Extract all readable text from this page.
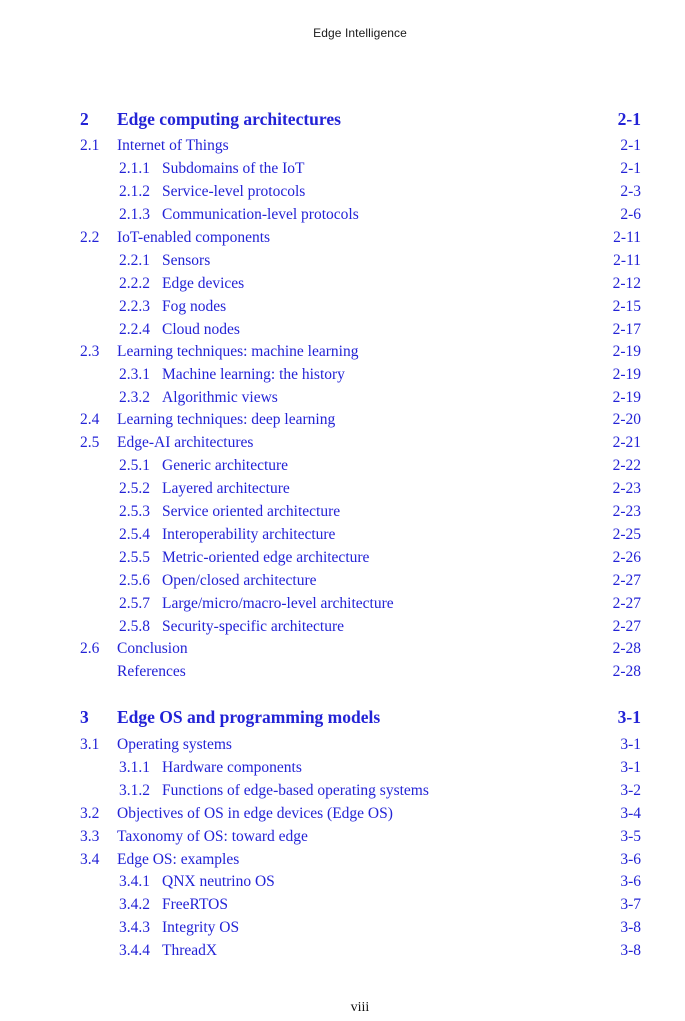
Edge Intelligence
2 Edge computing architectures	2-1
2.1 Internet of Things	2-1
2.1.1 Subdomains of the IoT	2-1
2.1.2 Service-level protocols	2-3
2.1.3 Communication-level protocols	2-6
2.2 IoT-enabled components	2-11
2.2.1 Sensors	2-11
2.2.2 Edge devices	2-12
2.2.3 Fog nodes	2-15
2.2.4 Cloud nodes	2-17
2.3 Learning techniques: machine learning	2-19
2.3.1 Machine learning: the history	2-19
2.3.2 Algorithmic views	2-19
2.4 Learning techniques: deep learning	2-20
2.5 Edge-AI architectures	2-21
2.5.1 Generic architecture	2-22
2.5.2 Layered architecture	2-23
2.5.3 Service oriented architecture	2-23
2.5.4 Interoperability architecture	2-25
2.5.5 Metric-oriented edge architecture	2-26
2.5.6 Open/closed architecture	2-27
2.5.7 Large/micro/macro-level architecture	2-27
2.5.8 Security-specific architecture	2-27
2.6 Conclusion	2-28
References	2-28
3 Edge OS and programming models	3-1
3.1 Operating systems	3-1
3.1.1 Hardware components	3-1
3.1.2 Functions of edge-based operating systems	3-2
3.2 Objectives of OS in edge devices (Edge OS)	3-4
3.3 Taxonomy of OS: toward edge	3-5
3.4 Edge OS: examples	3-6
3.4.1 QNX neutrino OS	3-6
3.4.2 FreeRTOS	3-7
3.4.3 Integrity OS	3-8
3.4.4 ThreadX	3-8
viii
